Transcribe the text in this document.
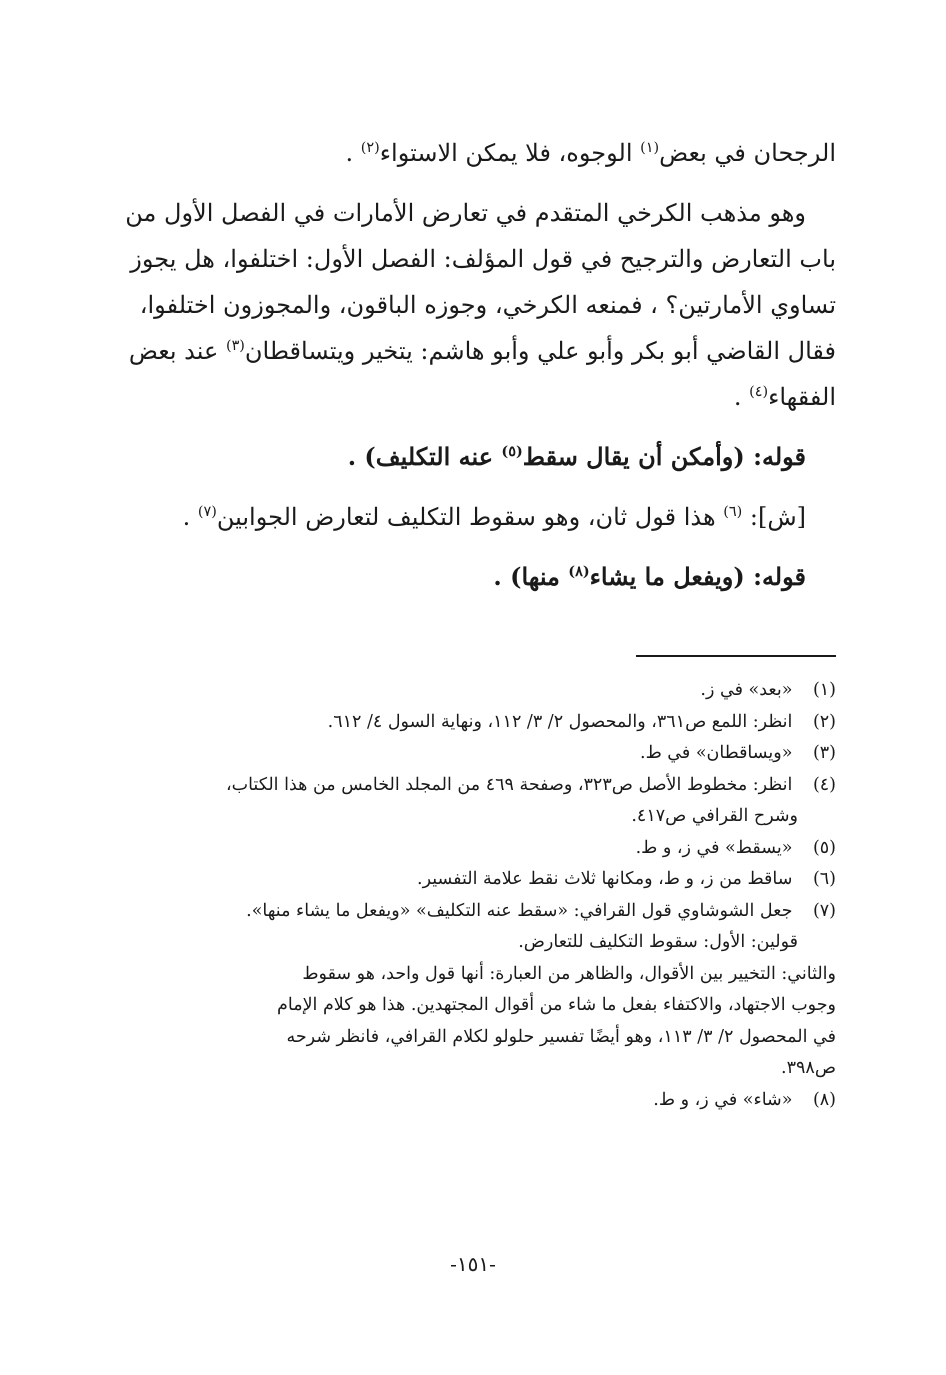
الرجحان في بعض$^{(١)}$ الوجوه، فلا يمكن الاستواء$^{(٢)}$ .

وهو مذهب الكرخي المتقدم في تعارض الأمارات في الفصل الأول من
باب التعارض والترجيح في قول المؤلف: الفصل الأول: اختلفوا، هل يجوز
تساوي الأمارتين؟ ، فمنعه الكرخي، وجوزه الباقون، والمجوزون اختلفوا،
فقال القاضي أبو بكر وأبو علي وأبو هاشم: يتخير ويتساقطان$^{(٣)}$ عند بعض
الفقهاء$^{(٤)}$ .

قوله: (وأمكن أن يقال سقط$^{(٥)}$ عنه التكليف) .

[ش]: $^{(٦)}$ هذا قول ثان، وهو سقوط التكليف لتعارض الجوابين$^{(٧)}$ .

قوله: (ويفعل ما يشاء$^{(٨)}$ منها) .

(١) «بعد» في ز.
(٢) انظر: اللمع ص٣٦١، والمحصول ٢/ ٣/ ١١٢، ونهاية السول ٤/ ٦١٢.
(٣) «ويساقطان» في ط.
(٤) انظر: مخطوط الأصل ص٣٢٣، وصفحة ٤٦٩ من المجلد الخامس من هذا الكتاب،
وشرح القرافي ص٤١٧.
(٥) «يسقط» في ز، و ط.
(٦) ساقط من ز، و ط، ومكانها ثلاث نقط علامة التفسير.
(٧) جعل الشوشاوي قول القرافي: «سقط عنه التكليف» «ويفعل ما يشاء منها».
قولين: الأول: سقوط التكليف للتعارض.
والثاني: التخيير بين الأقوال، والظاهر من العبارة: أنها قول واحد، هو سقوط
وجوب الاجتهاد، والاكتفاء بفعل ما شاء من أقوال المجتهدين. هذا هو كلام الإمام
في المحصول ٢/ ٣/ ١١٣، وهو أيضًا تفسير حلولو لكلام القرافي، فانظر شرحه
ص٣٩٨.
(٨) «شاء» في ز، و ط.
-١٥١-
